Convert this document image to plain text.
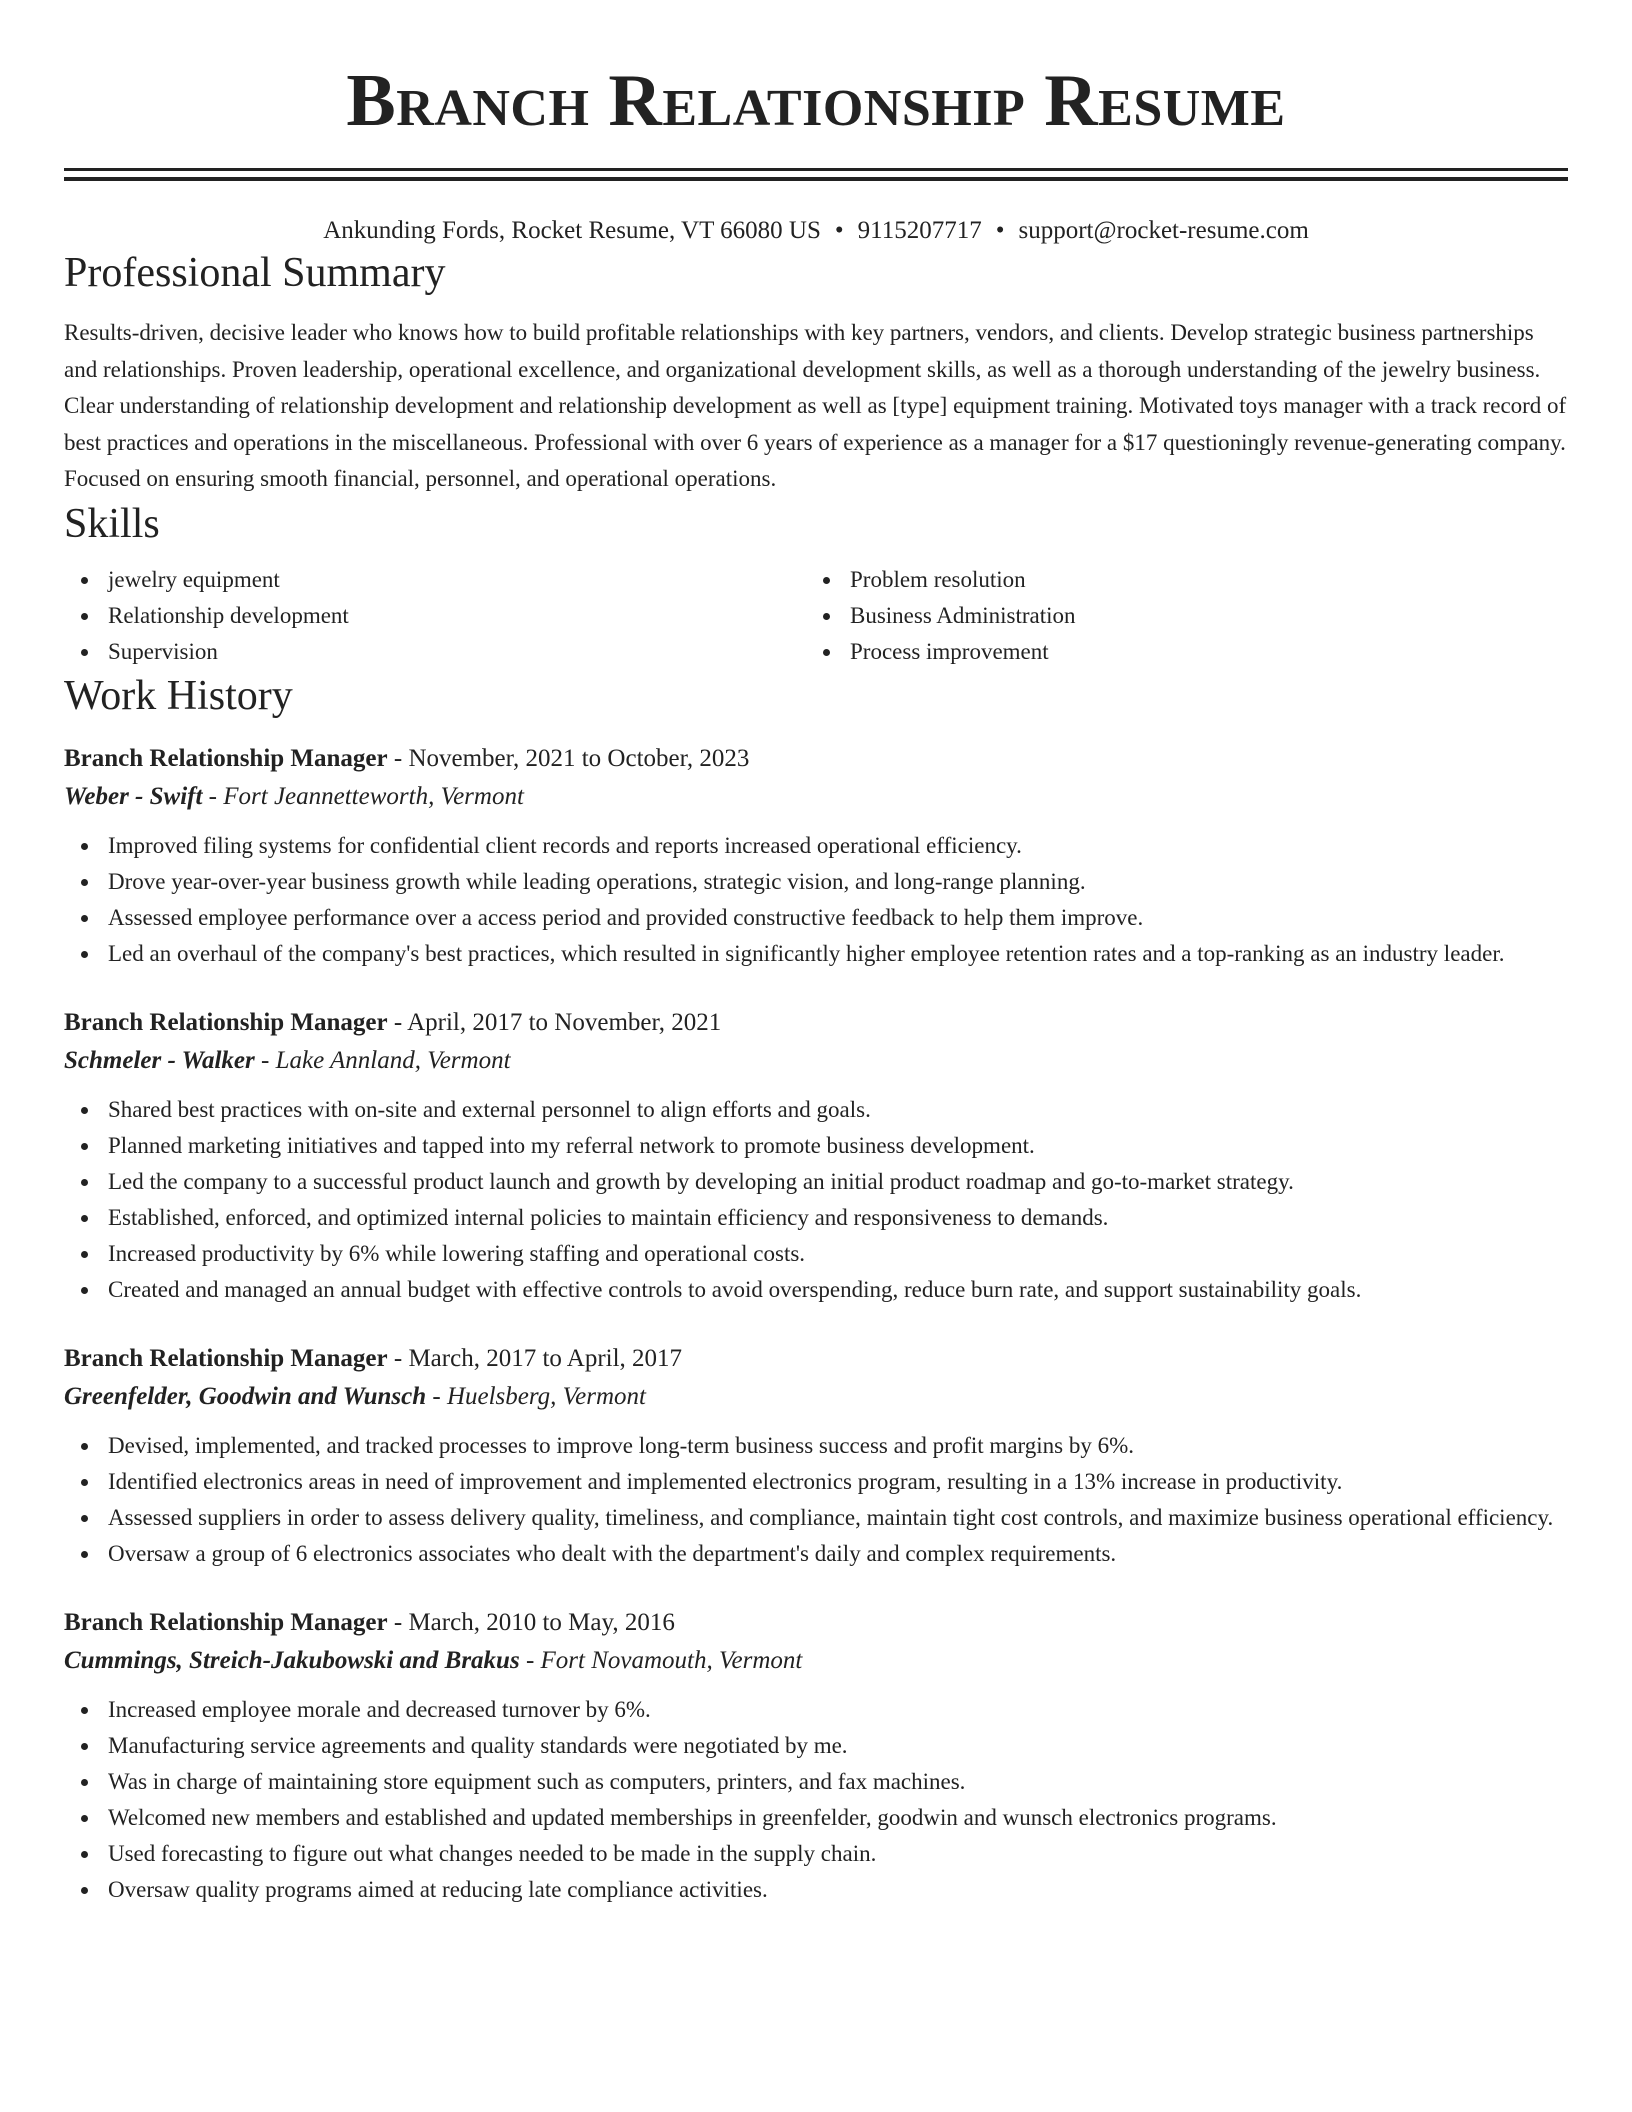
Branch Relationship Resume
Ankunding Fords, Rocket Resume, VT 66080 US • 9115207717 • support@rocket-resume.com
Professional Summary

Results-driven, decisive leader who knows how to build profitable relationships with key partners, vendors, and clients. Develop strategic business partnerships and relationships. Proven leadership, operational excellence, and organizational development skills, as well as a thorough understanding of the jewelry business. Clear understanding of relationship development and relationship development as well as [type] equipment training. Motivated toys manager with a track record of best practices and operations in the miscellaneous. Professional with over 6 years of experience as a manager for a $17 questioningly revenue-generating company. Focused on ensuring smooth financial, personnel, and operational operations.

Skills
jewelry equipment
Relationship development
Supervision
Problem resolution
Business Administration
Process improvement
Work History
Branch Relationship Manager - November, 2021 to October, 2023
Weber - Swift - Fort Jeannetteworth, Vermont
Improved filing systems for confidential client records and reports increased operational efficiency.
Drove year-over-year business growth while leading operations, strategic vision, and long-range planning.
Assessed employee performance over a access period and provided constructive feedback to help them improve.
Led an overhaul of the company's best practices, which resulted in significantly higher employee retention rates and a top-ranking as an industry leader.
Branch Relationship Manager - April, 2017 to November, 2021
Schmeler - Walker - Lake Annland, Vermont
Shared best practices with on-site and external personnel to align efforts and goals.
Planned marketing initiatives and tapped into my referral network to promote business development.
Led the company to a successful product launch and growth by developing an initial product roadmap and go-to-market strategy.
Established, enforced, and optimized internal policies to maintain efficiency and responsiveness to demands.
Increased productivity by 6% while lowering staffing and operational costs.
Created and managed an annual budget with effective controls to avoid overspending, reduce burn rate, and support sustainability goals.
Branch Relationship Manager - March, 2017 to April, 2017
Greenfelder, Goodwin and Wunsch - Huelsberg, Vermont
Devised, implemented, and tracked processes to improve long-term business success and profit margins by 6%.
Identified electronics areas in need of improvement and implemented electronics program, resulting in a 13% increase in productivity.
Assessed suppliers in order to assess delivery quality, timeliness, and compliance, maintain tight cost controls, and maximize business operational efficiency.
Oversaw a group of 6 electronics associates who dealt with the department's daily and complex requirements.
Branch Relationship Manager - March, 2010 to May, 2016
Cummings, Streich-Jakubowski and Brakus - Fort Novamouth, Vermont
Increased employee morale and decreased turnover by 6%.
Manufacturing service agreements and quality standards were negotiated by me.
Was in charge of maintaining store equipment such as computers, printers, and fax machines.
Welcomed new members and established and updated memberships in greenfelder, goodwin and wunsch electronics programs.
Used forecasting to figure out what changes needed to be made in the supply chain.
Oversaw quality programs aimed at reducing late compliance activities.
